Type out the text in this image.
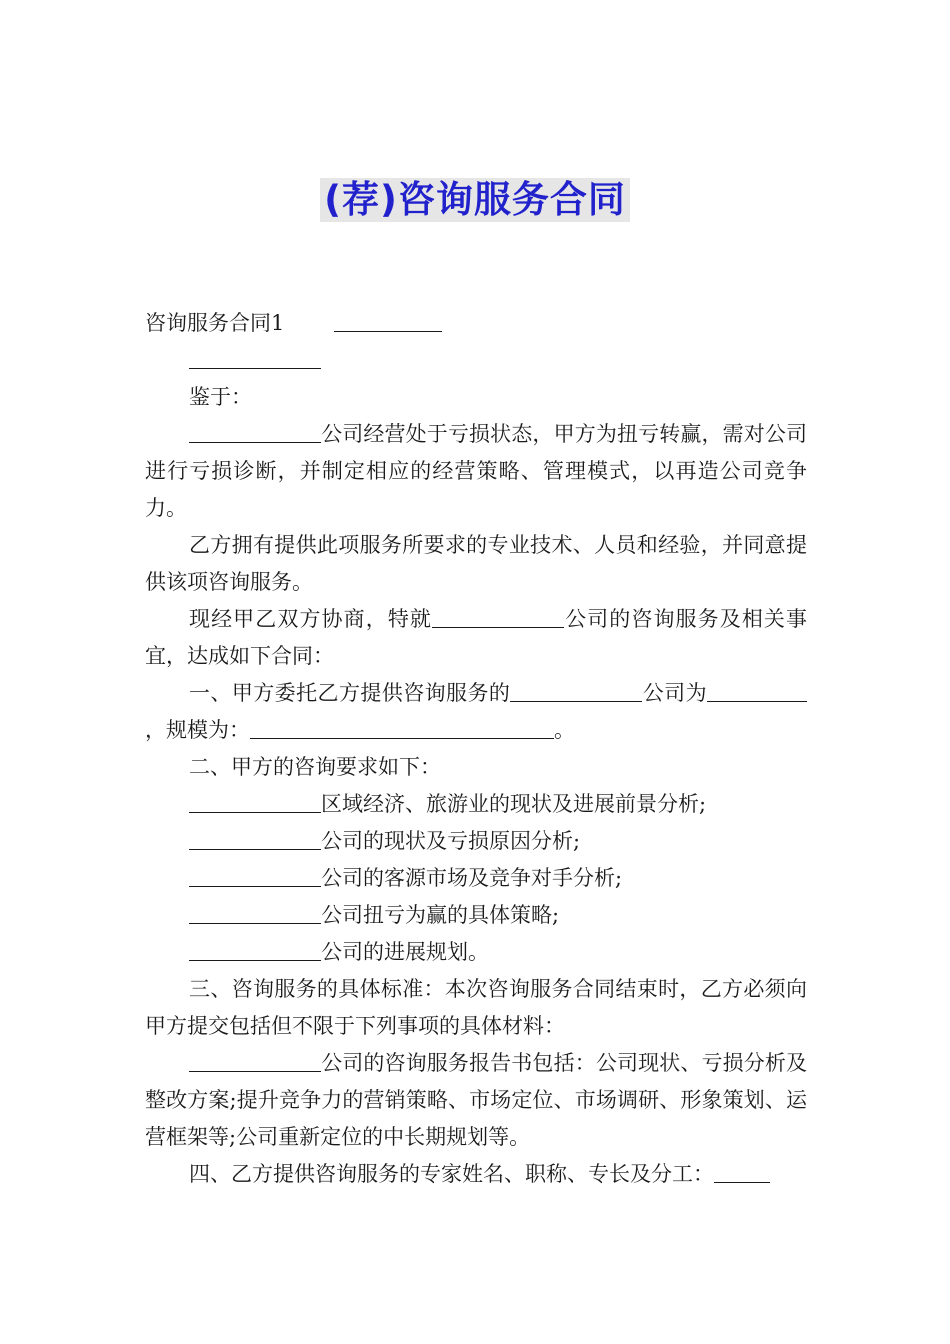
(荐)咨询服务合同

咨询服务合同1

鉴于：

公司经营处于亏损状态，甲方为扭亏转赢，需对公司进行亏损诊断，并制定相应的经营策略、管理模式，以再造公司竞争力。

乙方拥有提供此项服务所要求的专业技术、人员和经验，并同意提供该项咨询服务。

现经甲乙双方协商，特就	公司的咨询服务及相关事宜，达成如下合同：

一、甲方委托乙方提供咨询服务的	公司为，规模为：	。

二、甲方的咨询要求如下：

区域经济、旅游业的现状及进展前景分析;

公司的现状及亏损原因分析;

公司的客源市场及竞争对手分析;

公司扭亏为赢的具体策略;

公司的进展规划。

三、咨询服务的具体标准：本次咨询服务合同结束时，乙方必须向甲方提交包括但不限于下列事项的具体材料：

公司的咨询服务报告书包括：公司现状、亏损分析及整改方案;提升竞争力的营销策略、市场定位、市场调研、形象策划、运营框架等;公司重新定位的中长期规划等。

四、乙方提供咨询服务的专家姓名、职称、专长及分工：
